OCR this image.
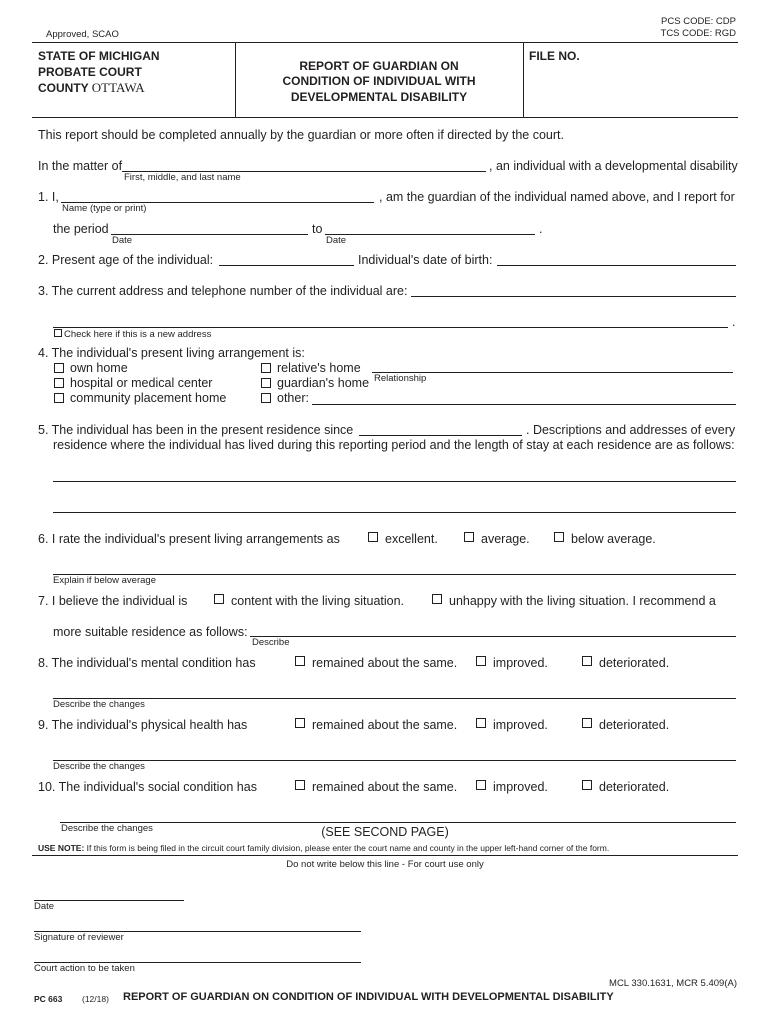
Approved, SCAO
PCS CODE: CDP
TCS CODE: RGD
STATE OF MICHIGAN
PROBATE COURT
COUNTY OTTAWA
REPORT OF GUARDIAN ON
CONDITION OF INDIVIDUAL WITH
DEVELOPMENTAL DISABILITY
FILE NO.
This report should be completed annually by the guardian or more often if directed by the court.
In the matter of	, an individual with a developmental disability
First, middle, and last name
1. I,	, am the guardian of the individual named above, and I report for
Name (type or print)
the period
Date
to
Date
.
2. Present age of the individual:	Individual's date of birth:
3. The current address and telephone number of the individual are:
.
Check here if this is a new address
4. The individual's present living arrangement is:
own home
hospital or medical center
community placement home
relative's home
guardian's home Relationship
other:
5. The individual has been in the present residence since	. Descriptions and addresses of every
residence where the individual has lived during this reporting period and the length of stay at each residence are as follows:
6. I rate the individual's present living arrangements as	excellent.	average.	below average.
Explain if below average
7. I believe the individual is	content with the living situation.	unhappy with the living situation. I recommend a
more suitable residence as follows:
Describe
8. The individual's mental condition has	remained about the same.	improved.	deteriorated.
Describe the changes
9. The individual's physical health has	remained about the same.	improved.	deteriorated.
Describe the changes
10. The individual's social condition has	remained about the same.	improved.	deteriorated.
Describe the changes	(SEE SECOND PAGE)
USE NOTE: If this form is being filed in the circuit court family division, please enter the court name and county in the upper left-hand corner of the form.
Do not write below this line - For court use only
Date
Signature of reviewer
Court action to be taken
MCL 330.1631, MCR 5.409(A)
PC 663 (12/18) REPORT OF GUARDIAN ON CONDITION OF INDIVIDUAL WITH DEVELOPMENTAL DISABILITY
